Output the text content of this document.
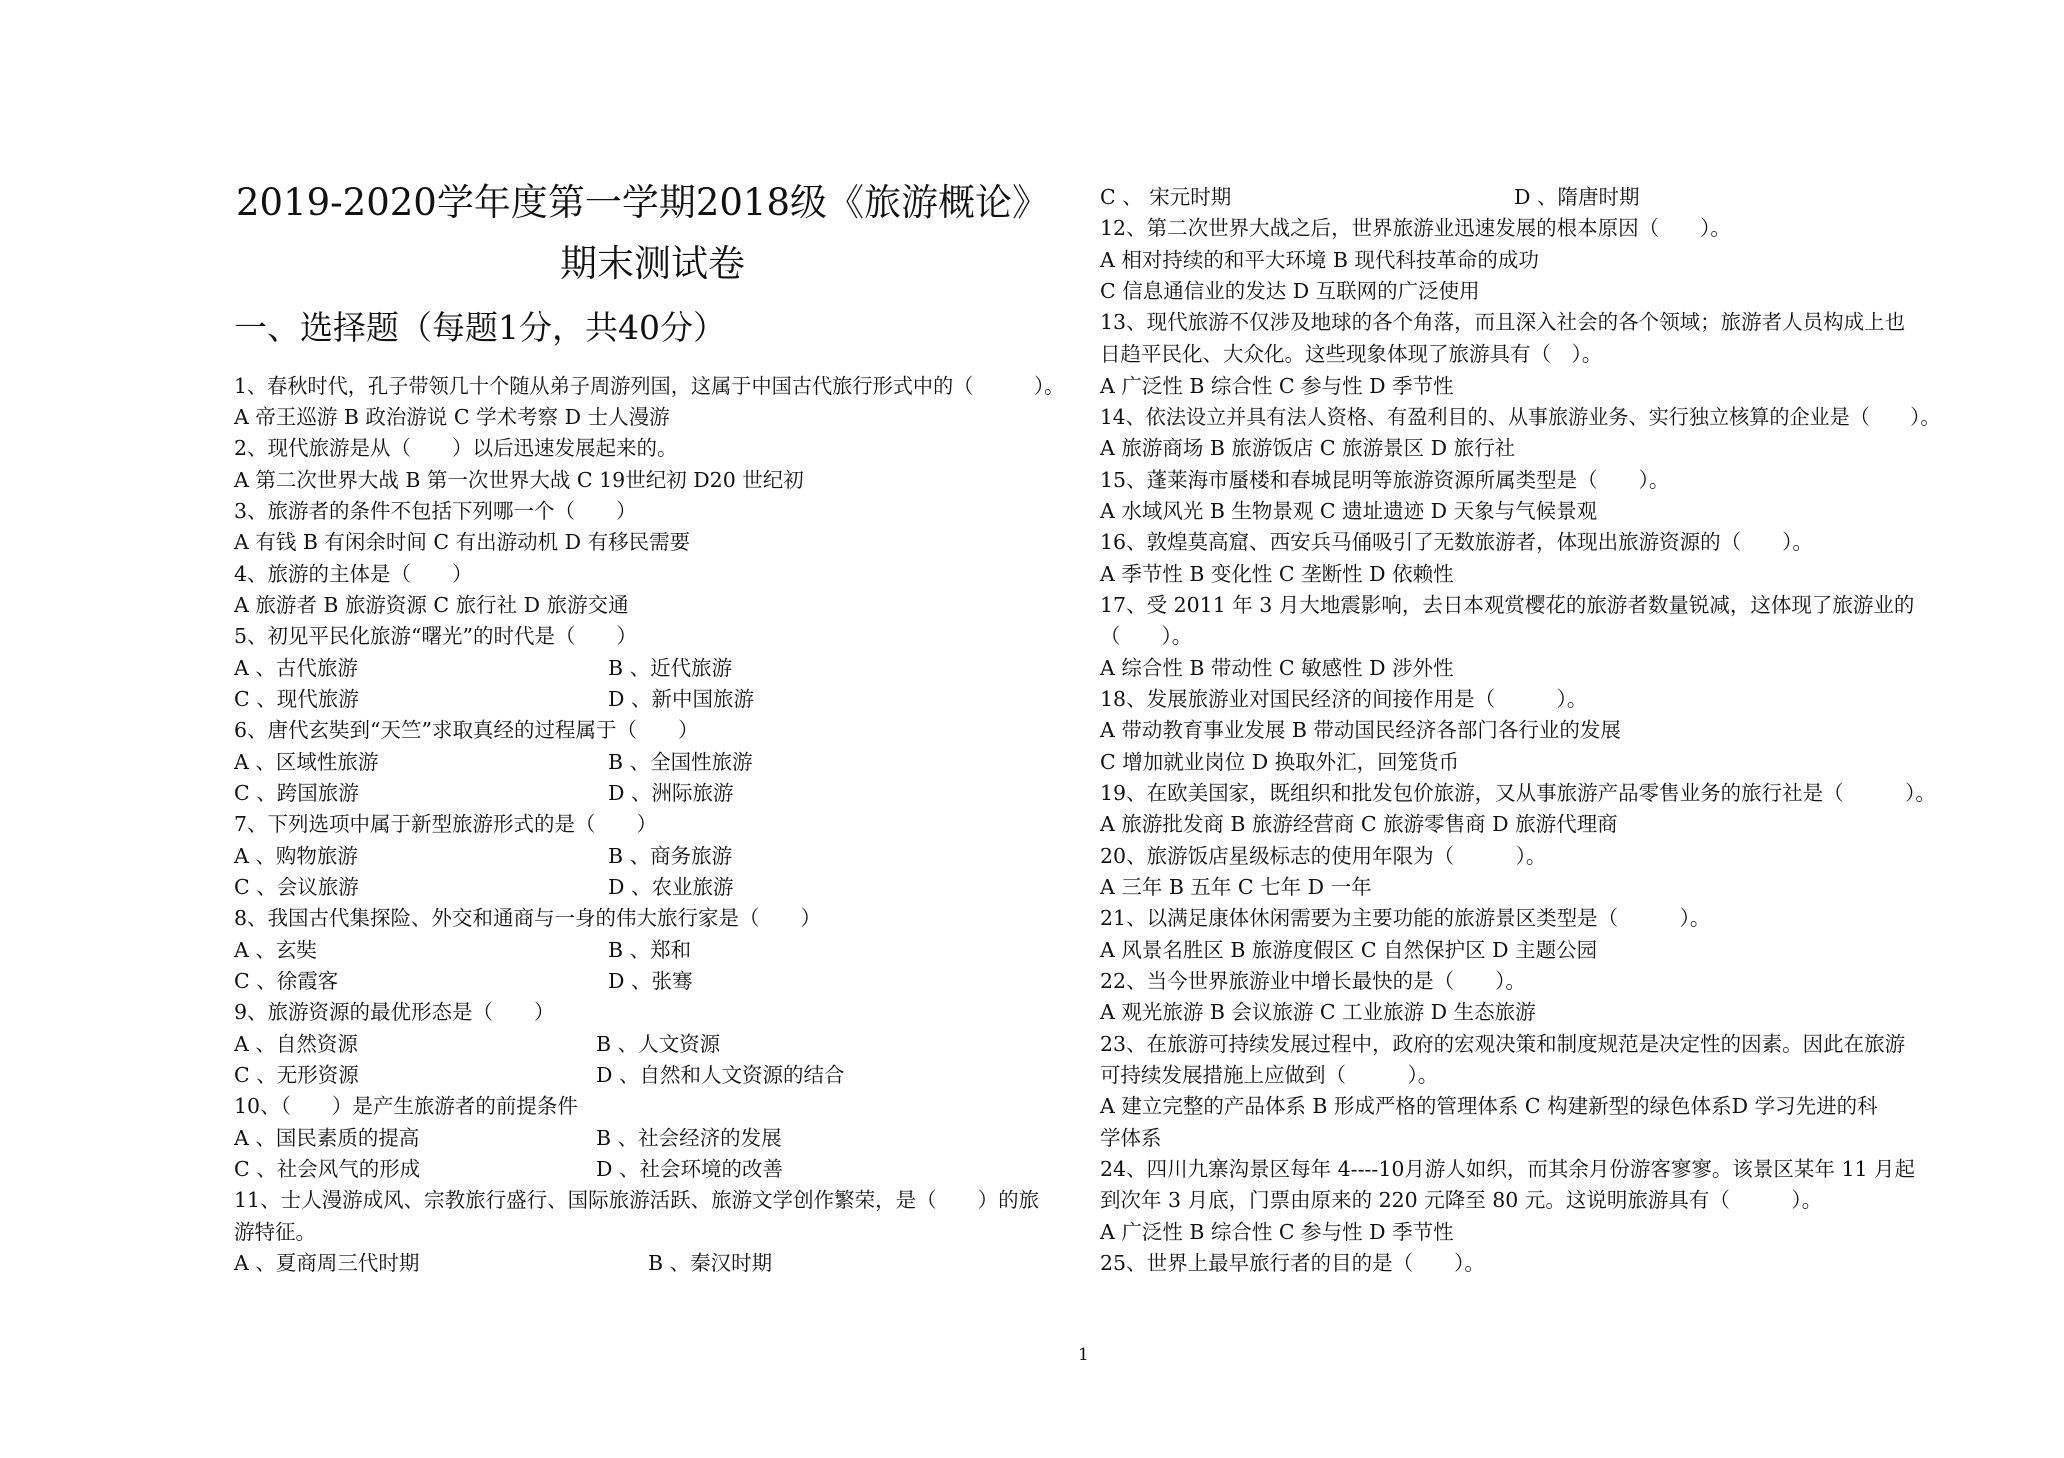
2019-2020学年度第一学期2018级《旅游概论》
期末测试卷
一、选择题（每题1分，共40分）
1、春秋时代，孔子带领几十个随从弟子周游列国，这属于中国古代旅行形式中的（　　　）。
A 帝王巡游 B 政治游说 C 学术考察 D 士人漫游
2、现代旅游是从（　　）以后迅速发展起来的。
A 第二次世界大战 B 第一次世界大战 C 19世纪初 D20 世纪初
3、旅游者的条件不包括下列哪一个（　　）
A 有钱 B 有闲余时间 C 有出游动机 D 有移民需要
4、旅游的主体是（　　）
A 旅游者 B 旅游资源 C 旅行社 D 旅游交通
5、初见平民化旅游“曙光”的时代是（　　）
A 、古代旅游	B 、近代旅游
C 、现代旅游	D 、新中国旅游
6、唐代玄奘到“天竺”求取真经的过程属于（　　）
A 、区域性旅游	B 、全国性旅游
C 、跨国旅游	D 、洲际旅游
7、下列选项中属于新型旅游形式的是（　　）
A 、购物旅游	B 、商务旅游
C 、会议旅游	D 、农业旅游
8、我国古代集探险、外交和通商与一身的伟大旅行家是（　　）
A 、玄奘	B 、郑和
C 、徐霞客	D 、张骞
9、旅游资源的最优形态是（　　）
A 、自然资源	B 、人文资源
C 、无形资源	D 、自然和人文资源的结合
10、（　　）是产生旅游者的前提条件
A 、国民素质的提高	B 、社会经济的发展
C 、社会风气的形成	D 、社会环境的改善
11、士人漫游成风、宗教旅行盛行、国际旅游活跃、旅游文学创作繁荣，是（　　）的旅
游特征。
A 、夏商周三代时期	B 、秦汉时期
C 、 宋元时期	D 、隋唐时期
12、第二次世界大战之后，世界旅游业迅速发展的根本原因（　　）。
A 相对持续的和平大环境 B 现代科技革命的成功
C 信息通信业的发达 D 互联网的广泛使用
13、现代旅游不仅涉及地球的各个角落，而且深入社会的各个领域；旅游者人员构成上也
日趋平民化、大众化。这些现象体现了旅游具有（　）。
A 广泛性 B 综合性 C 参与性 D 季节性
14、依法设立并具有法人资格、有盈利目的、从事旅游业务、实行独立核算的企业是（　　）。
A 旅游商场 B 旅游饭店 C 旅游景区 D 旅行社
15、蓬莱海市蜃楼和春城昆明等旅游资源所属类型是（　　）。
A 水域风光 B 生物景观 C 遗址遗迹 D 天象与气候景观
16、敦煌莫高窟、西安兵马俑吸引了无数旅游者，体现出旅游资源的（　　）。
A 季节性 B 变化性 C 垄断性 D 依赖性
17、受 2011 年 3 月大地震影响，去日本观赏樱花的旅游者数量锐减，这体现了旅游业的
（　　）。
A 综合性 B 带动性 C 敏感性 D 涉外性
18、发展旅游业对国民经济的间接作用是（　　　）。
A 带动教育事业发展 B 带动国民经济各部门各行业的发展
C 增加就业岗位 D 换取外汇，回笼货币
19、在欧美国家，既组织和批发包价旅游，又从事旅游产品零售业务的旅行社是（　　　）。
A 旅游批发商 B 旅游经营商 C 旅游零售商 D 旅游代理商
20、旅游饭店星级标志的使用年限为（　　　）。
A 三年 B 五年 C 七年 D 一年
21、以满足康体休闲需要为主要功能的旅游景区类型是（　　　）。
A 风景名胜区 B 旅游度假区 C 自然保护区 D 主题公园
22、当今世界旅游业中增长最快的是（　　）。
A 观光旅游 B 会议旅游 C 工业旅游 D 生态旅游
23、在旅游可持续发展过程中，政府的宏观决策和制度规范是决定性的因素。因此在旅游
可持续发展措施上应做到（　　　）。
A 建立完整的产品体系 B 形成严格的管理体系 C 构建新型的绿色体系D 学习先进的科
学体系
24、四川九寨沟景区每年 4----10月游人如织，而其余月份游客寥寥。该景区某年 11 月起
到次年 3 月底，门票由原来的 220 元降至 80 元。这说明旅游具有（　　　）。
A 广泛性 B 综合性 C 参与性 D 季节性
25、世界上最早旅行者的目的是（　　）。
1
